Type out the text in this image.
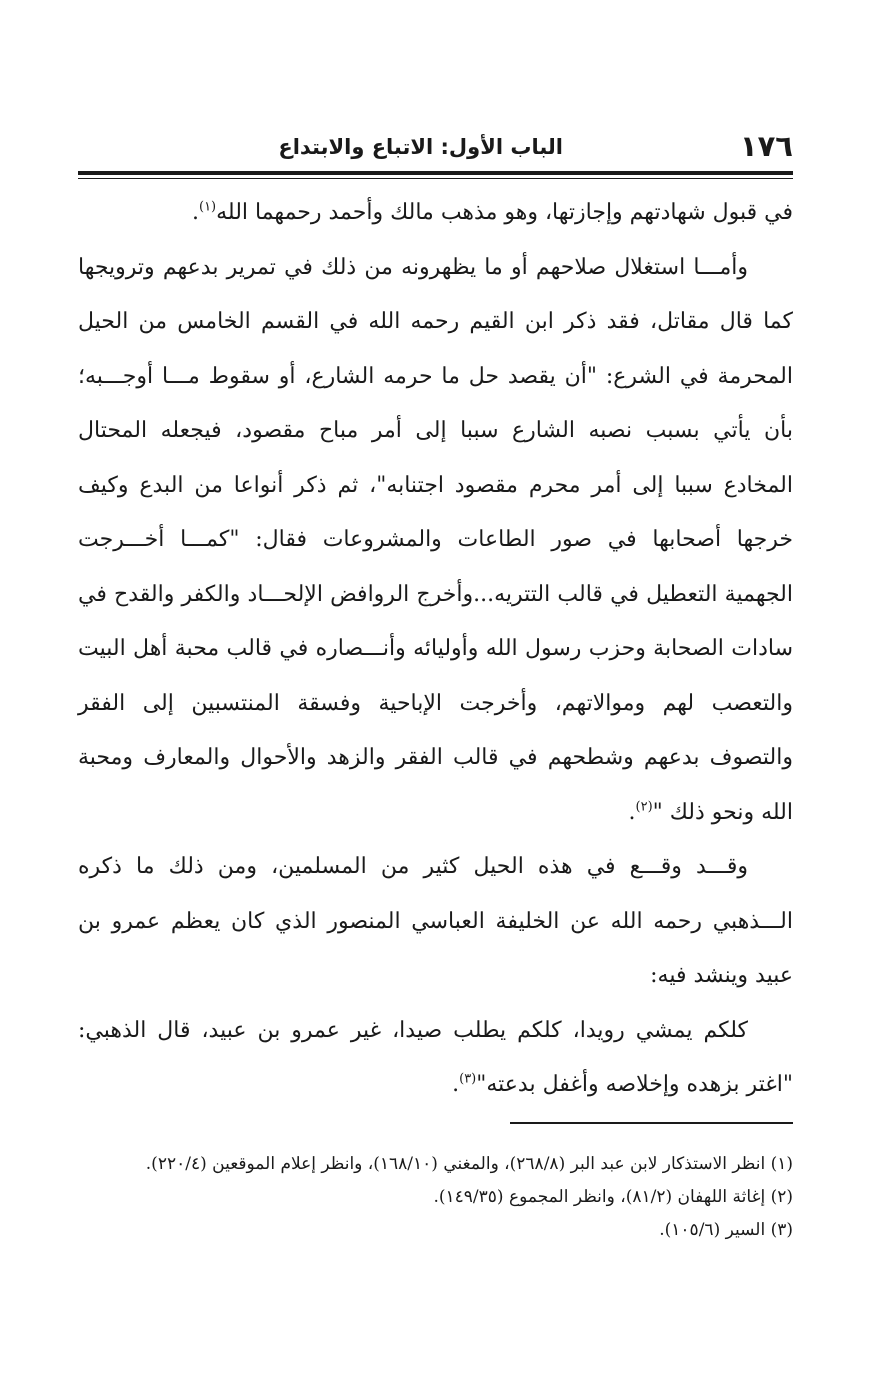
١٧٦
الباب الأول: الاتباع والابتداع

في قبول شهادتهم وإجازتها، وهو مذهب مالك وأحمد رحمهما الله$^{(١)}$.

وأمـــا استغلال صلاحهم أو ما يظهرونه من ذلك في تمرير بدعهم وترويجها كما قال مقاتل، فقد ذكر ابن القيم رحمه الله في القسم الخامس من الحيل المحرمة في الشرع: "أن يقصد حل ما حرمه الشارع، أو سقوط مـــا أوجـــبه؛ بأن يأتي بسبب نصبه الشارع سببا إلى أمر مباح مقصود، فيجعله المحتال المخادع سببا إلى أمر محرم مقصود اجتنابه"، ثم ذكر أنواعا من البدع وكيف خرجها أصحابها في صور الطاعات والمشروعات فقال: "كمـــا أخـــرجت الجهمية التعطيل في قالب التتريه...وأخرج الروافض الإلحـــاد والكفر والقدح في سادات الصحابة وحزب رسول الله وأوليائه وأنـــصاره في قالب محبة أهل البيت والتعصب لهم وموالاتهم، وأخرجت الإباحية وفسقة المنتسبين إلى الفقر والتصوف بدعهم وشطحهم في قالب الفقر والزهد والأحوال والمعارف ومحبة الله ونحو ذلك "$^{(٢)}$.

وقـــد وقـــع في هذه الحيل كثير من المسلمين، ومن ذلك ما ذكره الـــذهبي رحمه الله عن الخليفة العباسي المنصور الذي كان يعظم عمرو بن عبيد وينشد فيه:

كلكم يمشي رويدا، كلكم يطلب صيدا، غير عمرو بن عبيد، قال الذهبي: "اغتر بزهده وإخلاصه وأغفل بدعته"$^{(٣)}$.

(١) انظر الاستذكار لابن عبد البر (٢٦٨/٨)، والمغني (١٦٨/١٠)، وانظر إعلام الموقعين (٢٢٠/٤).

(٢) إغاثة اللهفان (٨١/٢)، وانظر المجموع (١٤٩/٣٥).

(٣) السير (١٠٥/٦).
